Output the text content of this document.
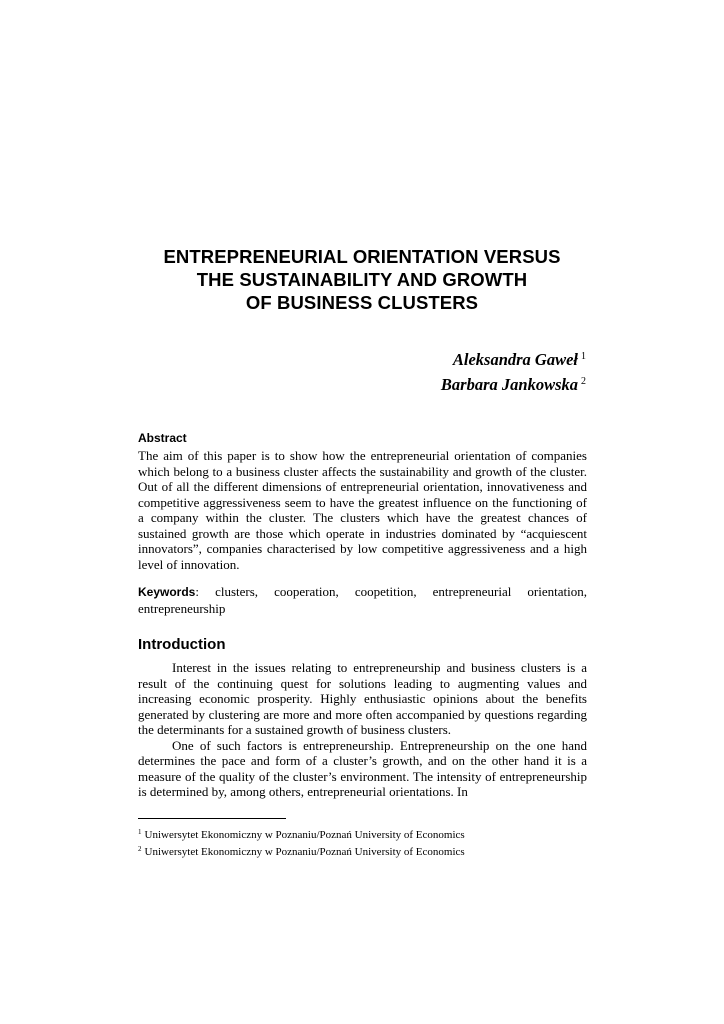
ENTREPRENEURIAL ORIENTATION VERSUS
THE SUSTAINABILITY AND GROWTH
OF BUSINESS CLUSTERS
Aleksandra Gaweł $^1$
Barbara Jankowska $^2$
Abstract
The aim of this paper is to show how the entrepreneurial orientation of companies which belong to a business cluster affects the sustainability and growth of the cluster. Out of all the different dimensions of entrepreneurial orientation, innovativeness and competitive aggressiveness seem to have the greatest influence on the functioning of a company within the cluster. The clusters which have the greatest chances of sustained growth are those which operate in industries dominated by “acquiescent innovators”, companies characterised by low competitive aggressiveness and a high level of innovation.
Keywords: clusters, cooperation, coopetition, entrepreneurial orientation, entrepreneurship
Introduction

Interest in the issues relating to entrepreneurship and business clusters is a result of the continuing quest for solutions leading to augmenting values and increasing economic prosperity. Highly enthusiastic opinions about the benefits generated by clustering are more and more often accompanied by questions regarding the determinants for a sustained growth of business clusters.

One of such factors is entrepreneurship. Entrepreneurship on the one hand determines the pace and form of a cluster’s growth, and on the other hand it is a measure of the quality of the cluster’s environment. The intensity of entrepreneurship is determined by, among others, entrepreneurial orientations. In

$^1$ Uniwersytet Ekonomiczny w Poznaniu/Poznań University of Economics
$^2$ Uniwersytet Ekonomiczny w Poznaniu/Poznań University of Economics
